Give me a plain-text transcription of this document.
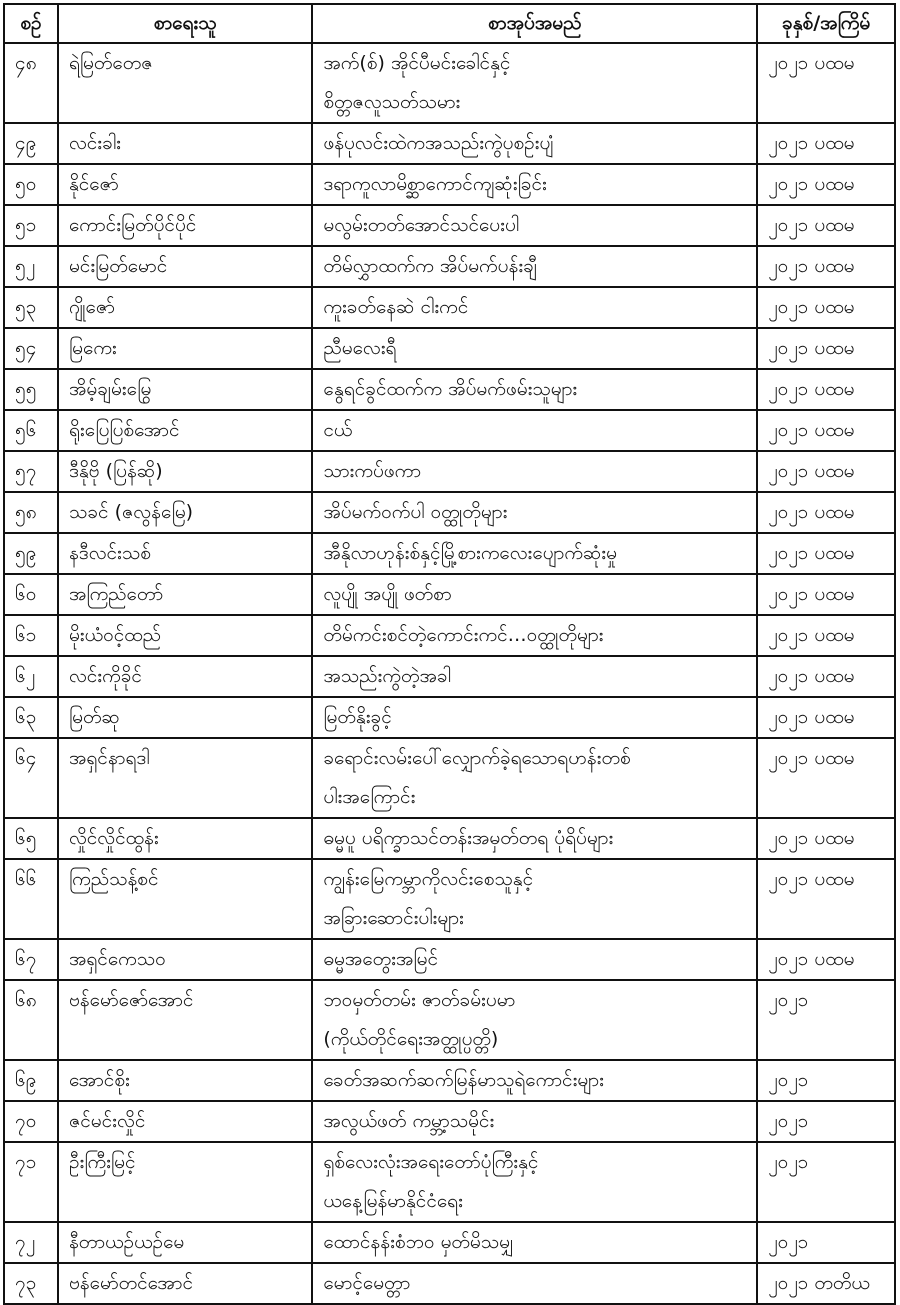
စဉ်	စာရေးသူ	စာအုပ်အမည်	ခုနှစ်/အကြိမ်

၄၈	ရဲမြတ်တေဇ	အက်(စ်) အိုင်ပီမင်းခေါင်နှင့်
စိတ္တဇလူသတ်သမား	၂၀၂၁ ပထမ

၄၉	လင်းခါး	ဖန်ပုလင်းထဲကအသည်းကွဲပုစဉ်းပျံ	၂၀၂၁ ပထမ

၅၀	နိုင်ဇော်	ဒရာကူလာမိစ္ဆာကောင်ကျဆုံးခြင်း	၂၀၂၁ ပထမ

၅၁	ကောင်းမြတ်ပိုင်ပိုင်	မလွမ်းတတ်အောင်သင်ပေးပါ	၂၀၂၁ ပထမ

၅၂	မင်းမြတ်မောင်	တိမ်လွှာထက်က အိပ်မက်ပန်းချီ	၂၀၂၁ ပထမ

၅၃	ဂျိုဇော်	ကူးခတ်နေဆဲ ငါးကင်	၂၀၂၁ ပထမ

၅၄	မြကေး	ညီမလေးရီ	၂၀၂၁ ပထမ

၅၅	အိမ့်ချမ်းမြွေ	နွေရင်ခွင်ထက်က အိပ်မက်ဖမ်းသူများ	၂၀၂၁ ပထမ

၅၆	ရိုးပြေပြစ်အောင်	ငယ်	၂၀၂၁ ပထမ

၅၇	ဒီနိုဗို (ပြန်ဆို)	သားကပ်ဖကာ	၂၀၂၁ ပထမ

၅၈	သခင် (ဇလွန်မြေ)	အိပ်မက်ဝက်ပါ ဝတ္ထုတိုများ	၂၀၂၁ ပထမ

၅၉	နဒီလင်းသစ်	အီနိုလာဟုန်းစ်နှင့်မြို့စားကလေးပျောက်ဆုံးမှု	၂၀၂၁ ပထမ

၆၀	အကြည်တော်	လူပျို အပျို ဖတ်စာ	၂၀၂၁ ပထမ

၆၁	မိုးယံဝင့်ထည်	တိမ်ကင်းစင်တဲ့ကောင်းကင်…ဝတ္ထုတိုများ	၂၀၂၁ ပထမ

၆၂	လင်းကိုခိုင်	အသည်းကွဲတဲ့အခါ	၂၀၂၁ ပထမ

၆၃	မြတ်ဆု	မြတ်နိုးခွင့်	၂၀၂၁ ပထမ

၆၄	အရှင်နာရဒါ	ခရောင်းလမ်းပေါ်လျှောက်ခဲ့ရသောရဟန်းတစ်
ပါးအကြောင်း	၂၀၂၁ ပထမ

၆၅	လှိုင်လှိုင်ထွန်း	ဓမ္မပူ ပရိက္ခာသင်တန်းအမှတ်တရ ပုံရိပ်များ	၂၀၂၁ ပထမ

၆၆	ကြည်သန့်စင်	ကျွန်းမြေကမ္ဘာကိုလင်းစေသူနှင့်
အခြားဆောင်းပါးများ	၂၀၂၁ ပထမ

၆၇	အရှင်ကေသဝ	ဓမ္မအတွေးအမြင်	၂၀၂၁ ပထမ

၆၈	ဗန်မော်ဇော်အောင်	ဘဝမှတ်တမ်း ဇာတ်ခမ်းပမာ
(ကိုယ်တိုင်ရေးအတ္ထုပ္ပတ္တိ)	၂၀၂၁

၆၉	အောင်စိုး	ခေတ်အဆက်ဆက်မြန်မာသူရဲကောင်းများ	၂၀၂၁

၇၀	ဇင်မင်းလှိုင်	အလွယ်ဖတ် ကမ္ဘာ့သမိုင်း	၂၀၂၁

၇၁	ဦးကြီးမြင့်	ရှစ်လေးလုံးအရေးတော်ပုံကြီးနှင့်
ယနေ့မြန်မာနိုင်ငံရေး	၂၀၂၁

၇၂	နီတာယဉ်ယဉ်မေ	ထောင်နန်းစံဘဝ မှတ်မိသမျှ	၂၀၂၁

၇၃	ဗန်မော်တင်အောင်	မောင့်မေတ္တာ	၂၀၂၁ တတိယ
